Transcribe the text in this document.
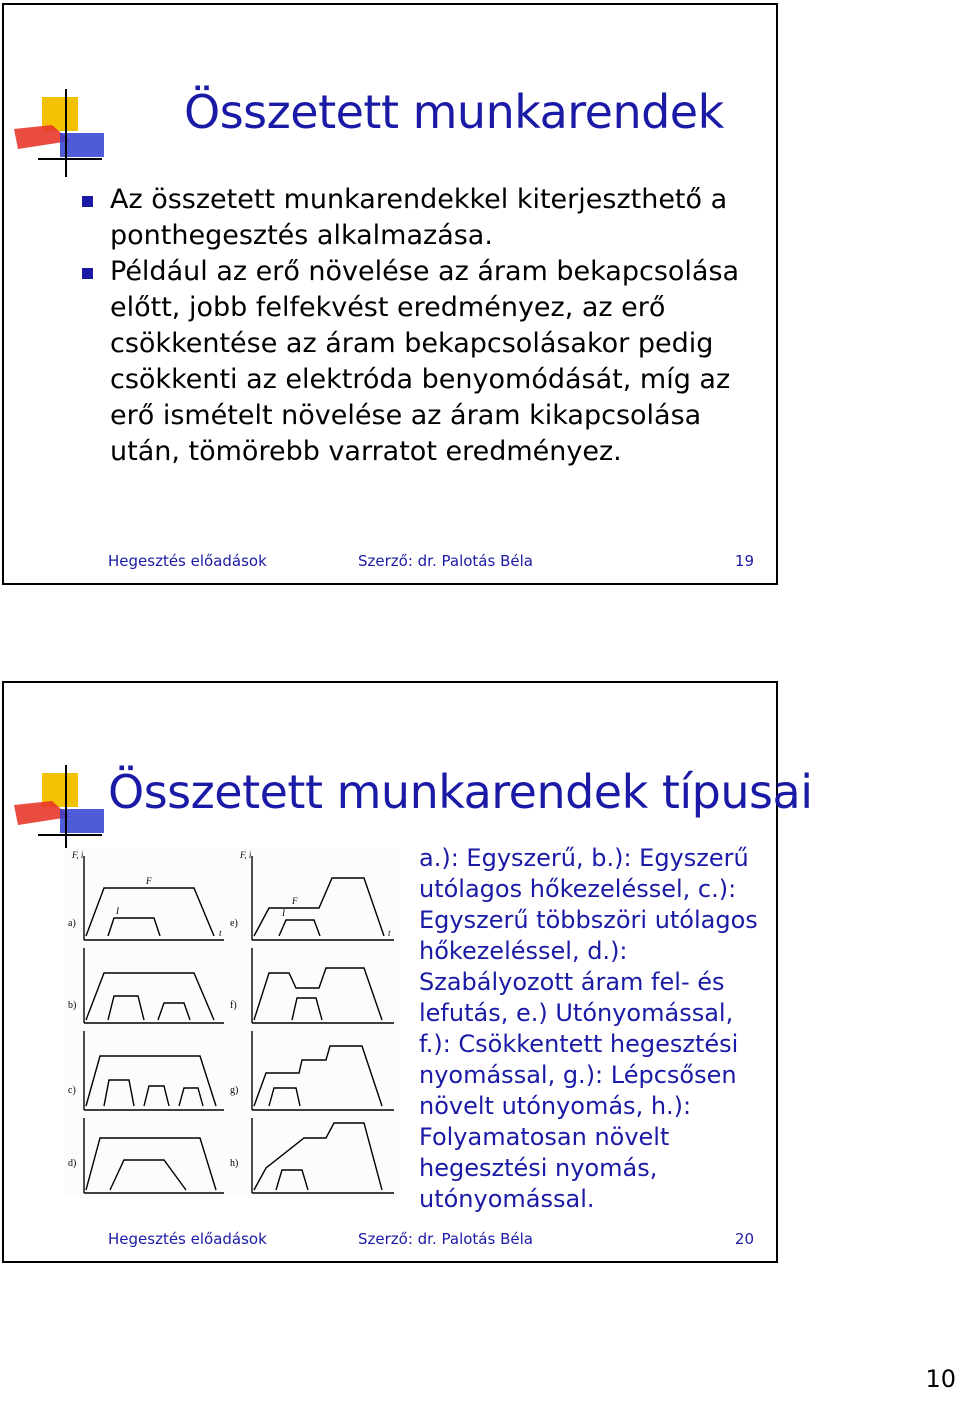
Összetett munkarendek
Az összetett munkarendekkel kiterjeszthető a ponthegesztés alkalmazása.
Például az erő növelése az áram bekapcsolása előtt, jobb felfekvést eredményez, az erő csökkentése az áram bekapcsolásakor pedig csökkenti az elektróda benyomódását, míg az erő ismételt növelése az áram kikapcsolása után, tömörebb varratot eredményez.
Hegesztés előadások	Szerző: dr. Palotás Béla	19
Összetett munkarendek típusai
a)
b)
c)
d)
e)
f)
g)
h)
F, i	F, i
t	t
F
F
I	I
a.): Egyszerű, b.): Egyszerű utólagos hőkezeléssel, c.): Egyszerű többszöri utólagos hőkezeléssel, d.): Szabályozott áram fel- és lefutás, e.) Utónyomással, f.): Csökkentett hegesztési nyomással, g.): Lépcsősen növelt utónyomás, h.): Folyamatosan növelt hegesztési nyomás, utónyomással.
Hegesztés előadások	Szerző: dr. Palotás Béla	20
10
